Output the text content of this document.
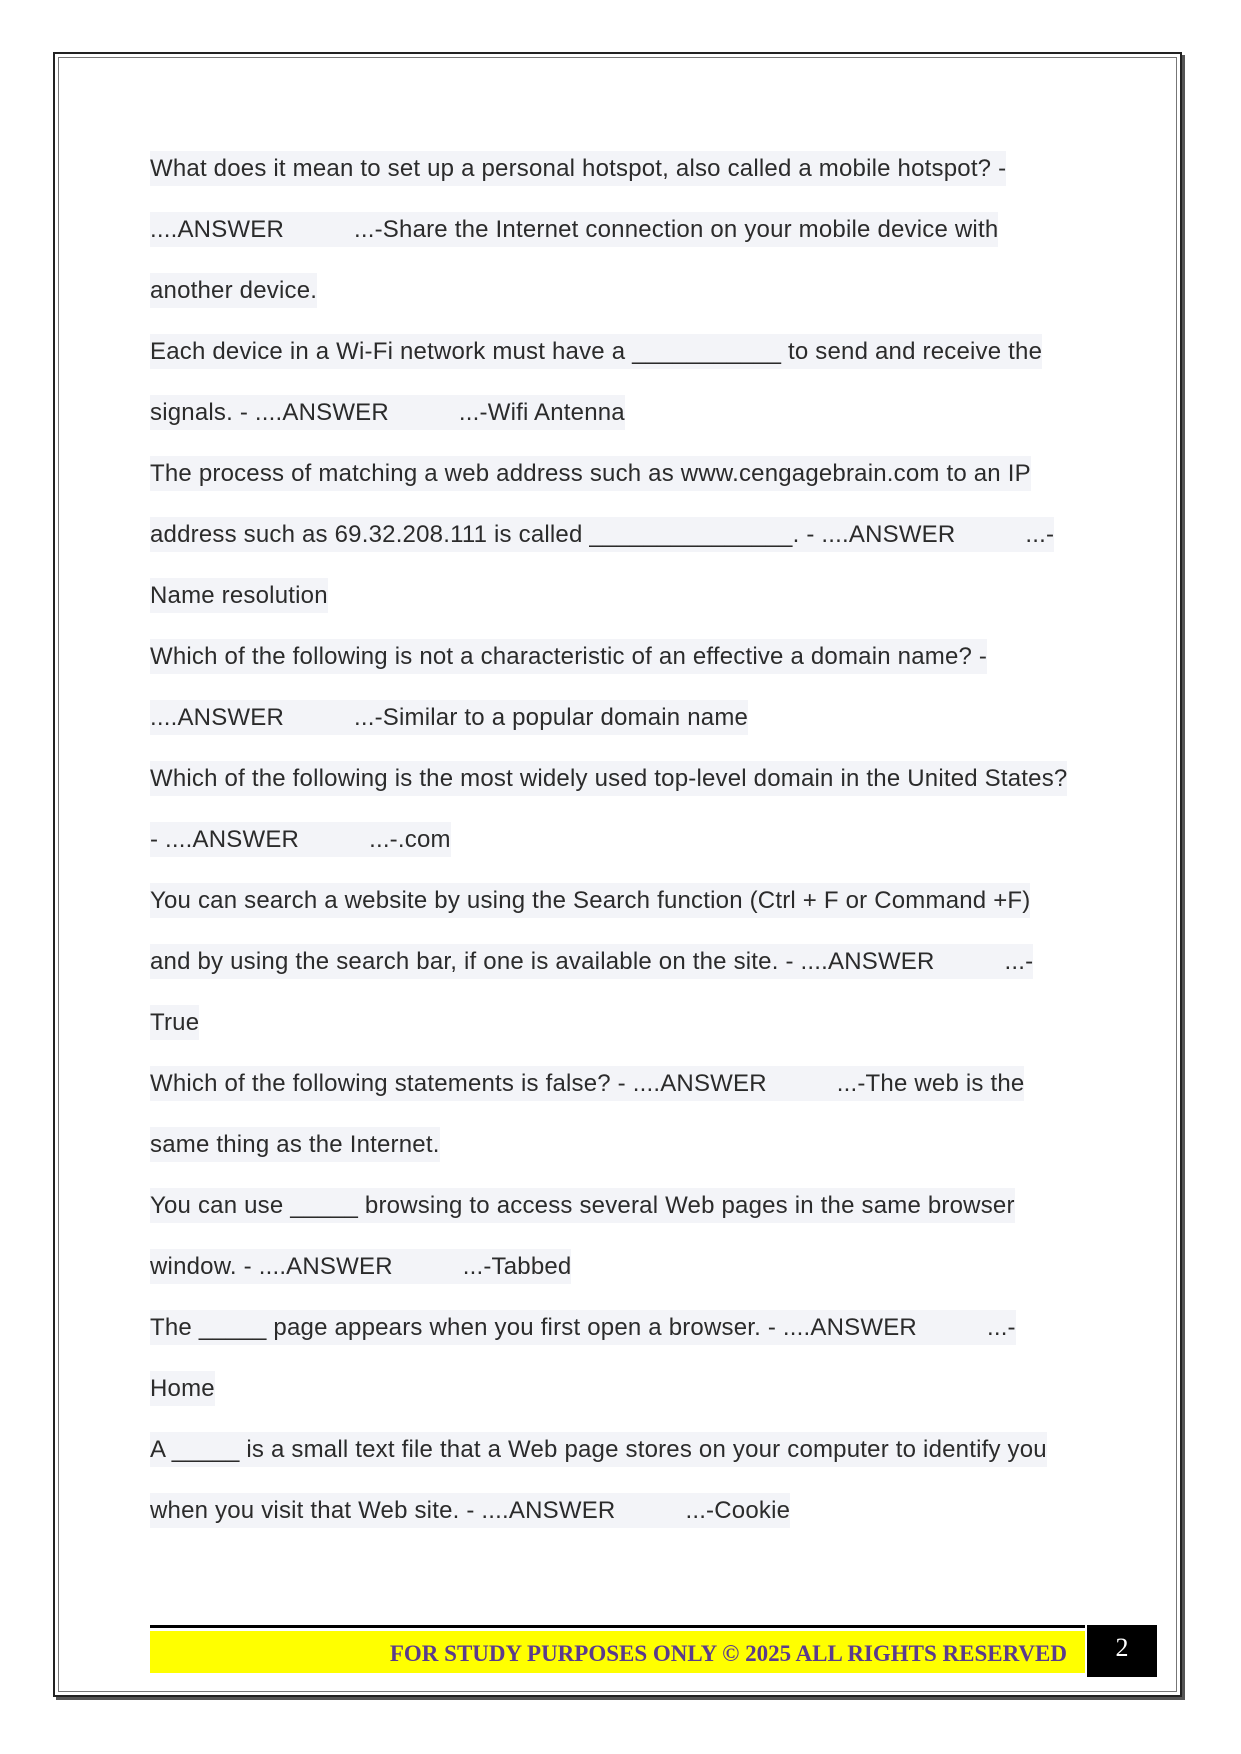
What does it mean to set up a personal hotspot, also called a mobile hotspot? -
....ANSWER	...-Share the Internet connection on your mobile device with
another device.
Each device in a Wi-Fi network must have a ___________ to send and receive the
signals. - ....ANSWER	...-Wifi Antenna
The process of matching a web address such as www.cengagebrain.com to an IP
address such as 69.32.208.111 is called _______________. - ....ANSWER	...-
Name resolution
Which of the following is not a characteristic of an effective a domain name? -
....ANSWER	...-Similar to a popular domain name
Which of the following is the most widely used top-level domain in the United States?
- ....ANSWER	...-.com
You can search a website by using the Search function (Ctrl + F or Command +F)
and by using the search bar, if one is available on the site. - ....ANSWER	...-
True
Which of the following statements is false? - ....ANSWER	...-The web is the
same thing as the Internet.
You can use _____ browsing to access several Web pages in the same browser
window. - ....ANSWER	...-Tabbed
The _____ page appears when you first open a browser. - ....ANSWER	...-
Home
A _____ is a small text file that a Web page stores on your computer to identify you
when you visit that Web site. - ....ANSWER	...-Cookie
FOR STUDY PURPOSES ONLY © 2025 ALL RIGHTS RESERVED	2
